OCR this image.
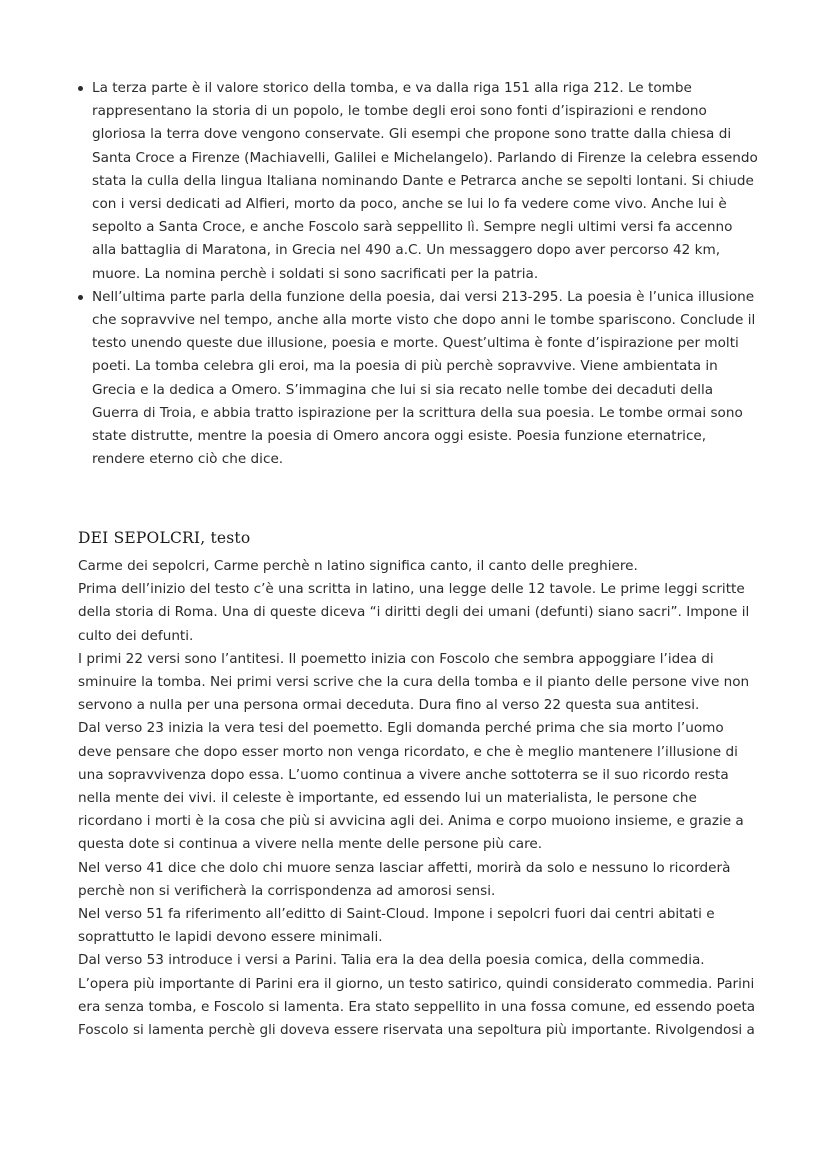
La terza parte è il valore storico della tomba, e va dalla riga 151 alla riga 212. Le tombe rappresentano la storia di un popolo, le tombe degli eroi sono fonti d’ispirazioni e rendono gloriosa la terra dove vengono conservate. Gli esempi che propone sono tratte dalla chiesa di Santa Croce a Firenze (Machiavelli, Galilei e Michelangelo). Parlando di Firenze la celebra essendo stata la culla della lingua Italiana nominando Dante e Petrarca anche se sepolti lontani. Si chiude con i versi dedicati ad Alfieri, morto da poco, anche se lui lo fa vedere come vivo. Anche lui è sepolto a Santa Croce, e anche Foscolo sarà seppellito lì. Sempre negli ultimi versi fa accenno alla battaglia di Maratona, in Grecia nel 490 a.C. Un messaggero dopo aver percorso 42 km, muore. La nomina perchè i soldati si sono sacrificati per la patria.
Nell’ultima parte parla della funzione della poesia, dai versi 213-295. La poesia è l’unica illusione che sopravvive nel tempo, anche alla morte visto che dopo anni le tombe spariscono. Conclude il testo unendo queste due illusione, poesia e morte. Quest’ultima è fonte d’ispirazione per molti poeti. La tomba celebra gli eroi, ma la poesia di più perchè sopravvive. Viene ambientata in Grecia e la dedica a Omero. S’immagina che lui si sia recato nelle tombe dei decaduti della Guerra di Troia, e abbia tratto ispirazione per la scrittura della sua poesia. Le tombe ormai sono state distrutte, mentre la poesia di Omero ancora oggi esiste. Poesia funzione eternatrice, rendere eterno ciò che dice.
DEI SEPOLCRI, testo

Carme dei sepolcri, Carme perchè n latino significa canto, il canto delle preghiere.

Prima dell’inizio del testo c’è una scritta in latino, una legge delle 12 tavole. Le prime leggi scritte della storia di Roma. Una di queste diceva “i diritti degli dei umani (defunti) siano sacri”. Impone il culto dei defunti.

I primi 22 versi sono l’antitesi. Il poemetto inizia con Foscolo che sembra appoggiare l’idea di sminuire la tomba. Nei primi versi scrive che la cura della tomba e il pianto delle persone vive non servono a nulla per una persona ormai deceduta. Dura fino al verso 22 questa sua antitesi.

Dal verso 23 inizia la vera tesi del poemetto. Egli domanda perché prima che sia morto l’uomo deve pensare che dopo esser morto non venga ricordato, e che è meglio mantenere l’illusione di una sopravvivenza dopo essa. L’uomo continua a vivere anche sottoterra se il suo ricordo resta nella mente dei vivi. il celeste è importante, ed essendo lui un materialista, le persone che ricordano i morti è la cosa che più si avvicina agli dei. Anima e corpo muoiono insieme, e grazie a questa dote si continua a vivere nella mente delle persone più care.

Nel verso 41 dice che dolo chi muore senza lasciar affetti, morirà da solo e nessuno lo ricorderà perchè non si verificherà la corrispondenza ad amorosi sensi.

Nel verso 51 fa riferimento all’editto di Saint-Cloud. Impone i sepolcri fuori dai centri abitati e soprattutto le lapidi devono essere minimali.

Dal verso 53 introduce i versi a Parini. Talia era la dea della poesia comica, della commedia. L’opera più importante di Parini era il giorno, un testo satirico, quindi considerato commedia. Parini era senza tomba, e Foscolo si lamenta. Era stato seppellito in una fossa comune, ed essendo poeta Foscolo si lamenta perchè gli doveva essere riservata una sepoltura più importante. Rivolgendosi a
